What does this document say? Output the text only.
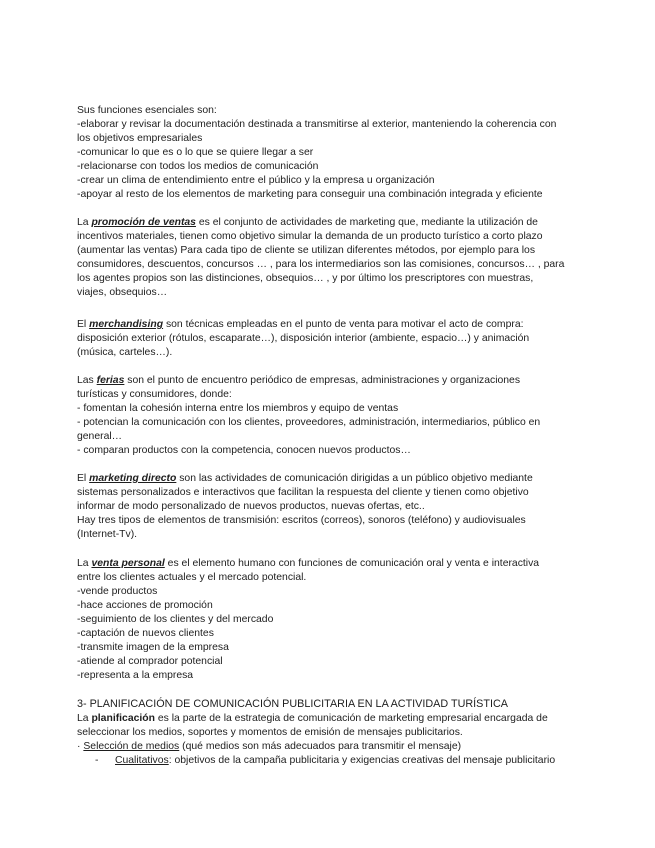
Sus funciones esenciales son:
-elaborar y revisar la documentación destinada a transmitirse al exterior, manteniendo la coherencia con
los objetivos empresariales
-comunicar lo que es o lo que se quiere llegar a ser
-relacionarse con todos los medios de comunicación
-crear un clima de entendimiento entre el público y la empresa u organización
-apoyar al resto de los elementos de marketing para conseguir una combinación integrada y eficiente
La promoción de ventas es el conjunto de actividades de marketing que, mediante la utilización de
incentivos materiales, tienen como objetivo simular la demanda de un producto turístico a corto plazo
(aumentar las ventas) Para cada tipo de cliente se utilizan diferentes métodos, por ejemplo para los
consumidores, descuentos, concursos … , para los intermediarios son las comisiones, concursos… , para
los agentes propios son las distinciones, obsequios… , y por último los prescriptores con muestras,
viajes, obsequios…
El merchandising son técnicas empleadas en el punto de venta para motivar el acto de compra:
disposición exterior (rótulos, escaparate…), disposición interior (ambiente, espacio…) y animación
(música, carteles…).
Las ferias son el punto de encuentro periódico de empresas, administraciones y organizaciones
turísticas y consumidores, donde:
- fomentan la cohesión interna entre los miembros y equipo de ventas
- potencian la comunicación con los clientes, proveedores, administración, intermediarios, público en
general…
- comparan productos con la competencia, conocen nuevos productos…
El marketing directo son las actividades de comunicación dirigidas a un público objetivo mediante
sistemas personalizados e interactivos que facilitan la respuesta del cliente y tienen como objetivo
informar de modo personalizado de nuevos productos, nuevas ofertas, etc..
Hay tres tipos de elementos de transmisión: escritos (correos), sonoros (teléfono) y audiovisuales
(Internet-Tv).
La venta personal es el elemento humano con funciones de comunicación oral y venta e interactiva
entre los clientes actuales y el mercado potencial.
-vende productos
-hace acciones de promoción
-seguimiento de los clientes y del mercado
-captación de nuevos clientes
-transmite imagen de la empresa
-atiende al comprador potencial
-representa a la empresa
3- PLANIFICACIÓN DE COMUNICACIÓN PUBLICITARIA EN LA ACTIVIDAD TURÍSTICA
La planificación es la parte de la estrategia de comunicación de marketing empresarial encargada de
seleccionar los medios, soportes y momentos de emisión de mensajes publicitarios.
· Selección de medios (qué medios son más adecuados para transmitir el mensaje)
- Cualitativos: objetivos de la campaña publicitaria y exigencias creativas del mensaje publicitario
